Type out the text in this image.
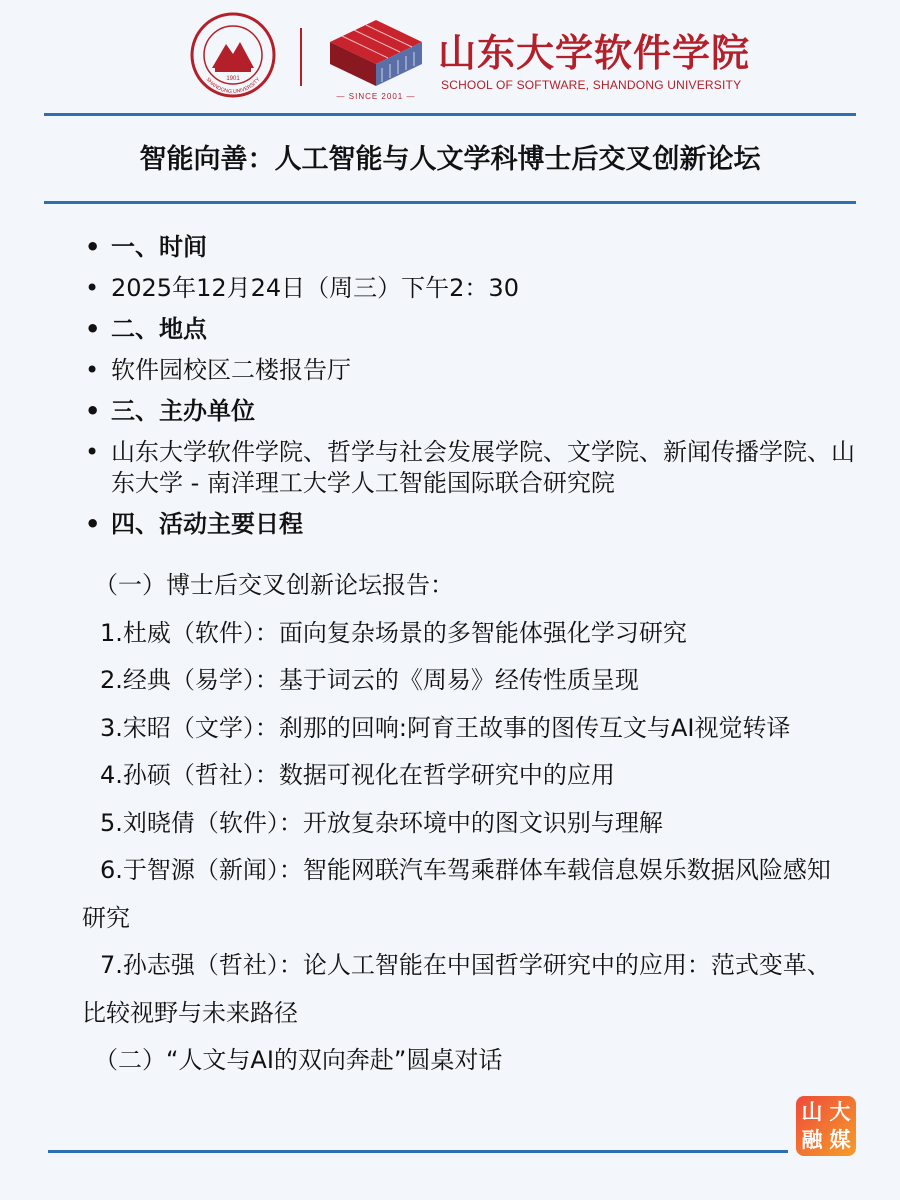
1901
SHANDONG UNIVERSITY
— SINCE 2001 —
山东大学软件学院
SCHOOL OF SOFTWARE, SHANDONG UNIVERSITY
智能向善：人工智能与人文学科博士后交叉创新论坛
• 一、时间
• 2025年12月24日（周三）下午2：30
• 二、地点
• 软件园校区二楼报告厅
• 三、主办单位
• 山东大学软件学院、哲学与社会发展学院、文学院、新闻传播学院、山东大学 - 南洋理工大学人工智能国际联合研究院
• 四、活动主要日程
（一）博士后交叉创新论坛报告：
1.杜威（软件）：面向复杂场景的多智能体强化学习研究
2.经典（易学）：基于词云的《周易》经传性质呈现
3.宋昭（文学）：刹那的回响:阿育王故事的图传互文与AI视觉转译
4.孙硕（哲社）：数据可视化在哲学研究中的应用
5.刘晓倩（软件）：开放复杂环境中的图文识别与理解
6.于智源（新闻）：智能网联汽车驾乘群体车载信息娱乐数据风险感知研究
7.孙志强（哲社）：论人工智能在中国哲学研究中的应用：范式变革、比较视野与未来路径
（二）“人文与AI的双向奔赴”圆桌对话
山 大
融 媒
